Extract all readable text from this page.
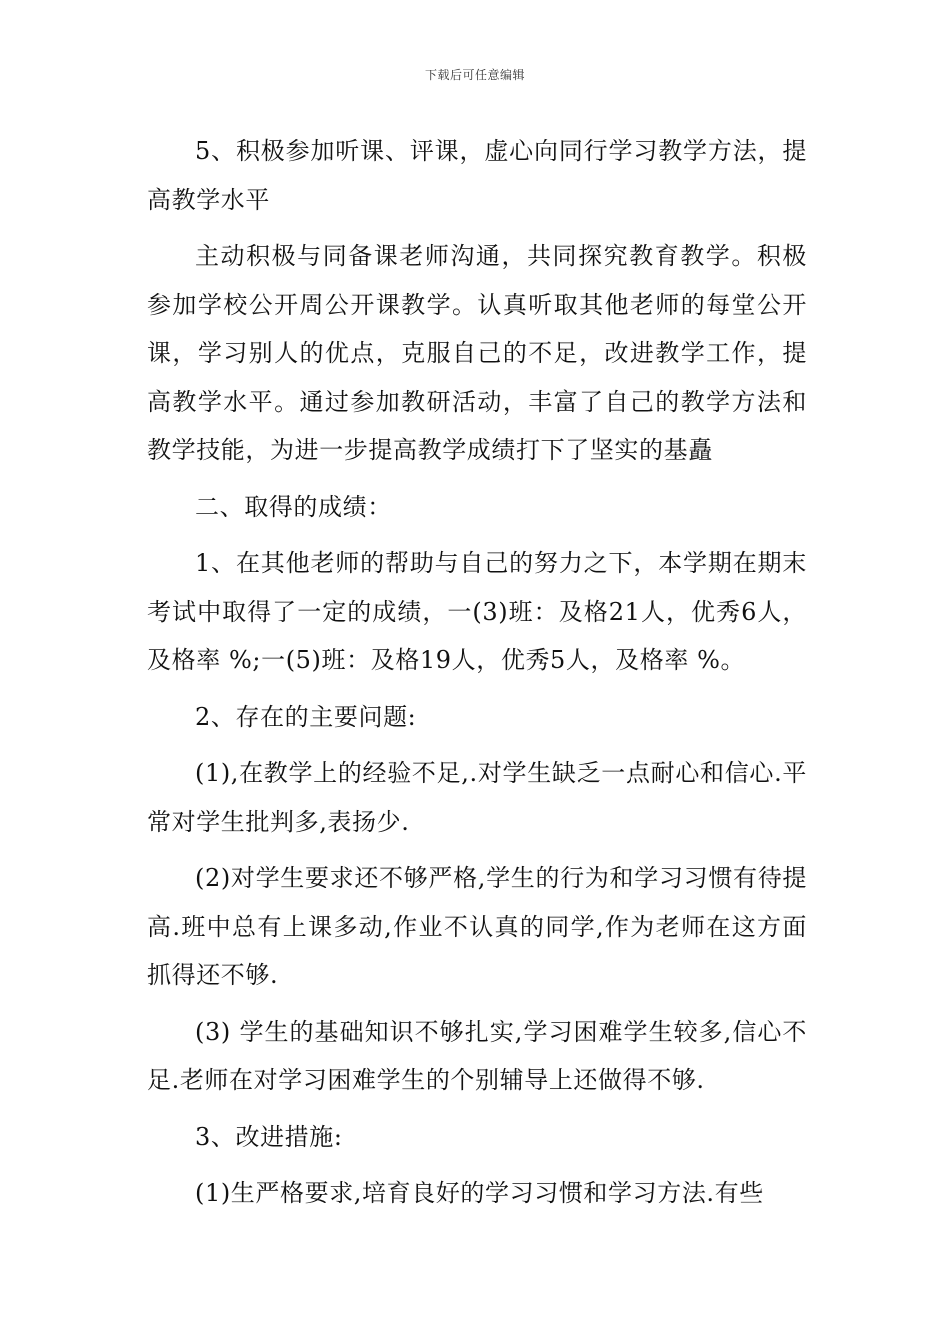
下载后可任意编辑

5、积极参加听课、评课，虚心向同行学习教学方法，提高教学水平

主动积极与同备课老师沟通，共同探究教育教学。积极参加学校公开周公开课教学。认真听取其他老师的每堂公开课，学习别人的优点，克服自己的不足，改进教学工作，提高教学水平。通过参加教研活动，丰富了自己的教学方法和教学技能，为进一步提高教学成绩打下了坚实的基矗

二、取得的成绩：

1、在其他老师的帮助与自己的努力之下，本学期在期末考试中取得了一定的成绩，一(3)班：及格21人，优秀6人，及格率 %;一(5)班：及格19人，优秀5人，及格率 %。

2、存在的主要问题:

(1),在教学上的经验不足,.对学生缺乏一点耐心和信心.平常对学生批判多,表扬少.

(2)对学生要求还不够严格,学生的行为和学习习惯有待提高.班中总有上课多动,作业不认真的同学,作为老师在这方面抓得还不够.

(3) 学生的基础知识不够扎实,学习困难学生较多,信心不足.老师在对学习困难学生的个别辅导上还做得不够.

3、改进措施:

(1)生严格要求,培育良好的学习习惯和学习方法.有些
